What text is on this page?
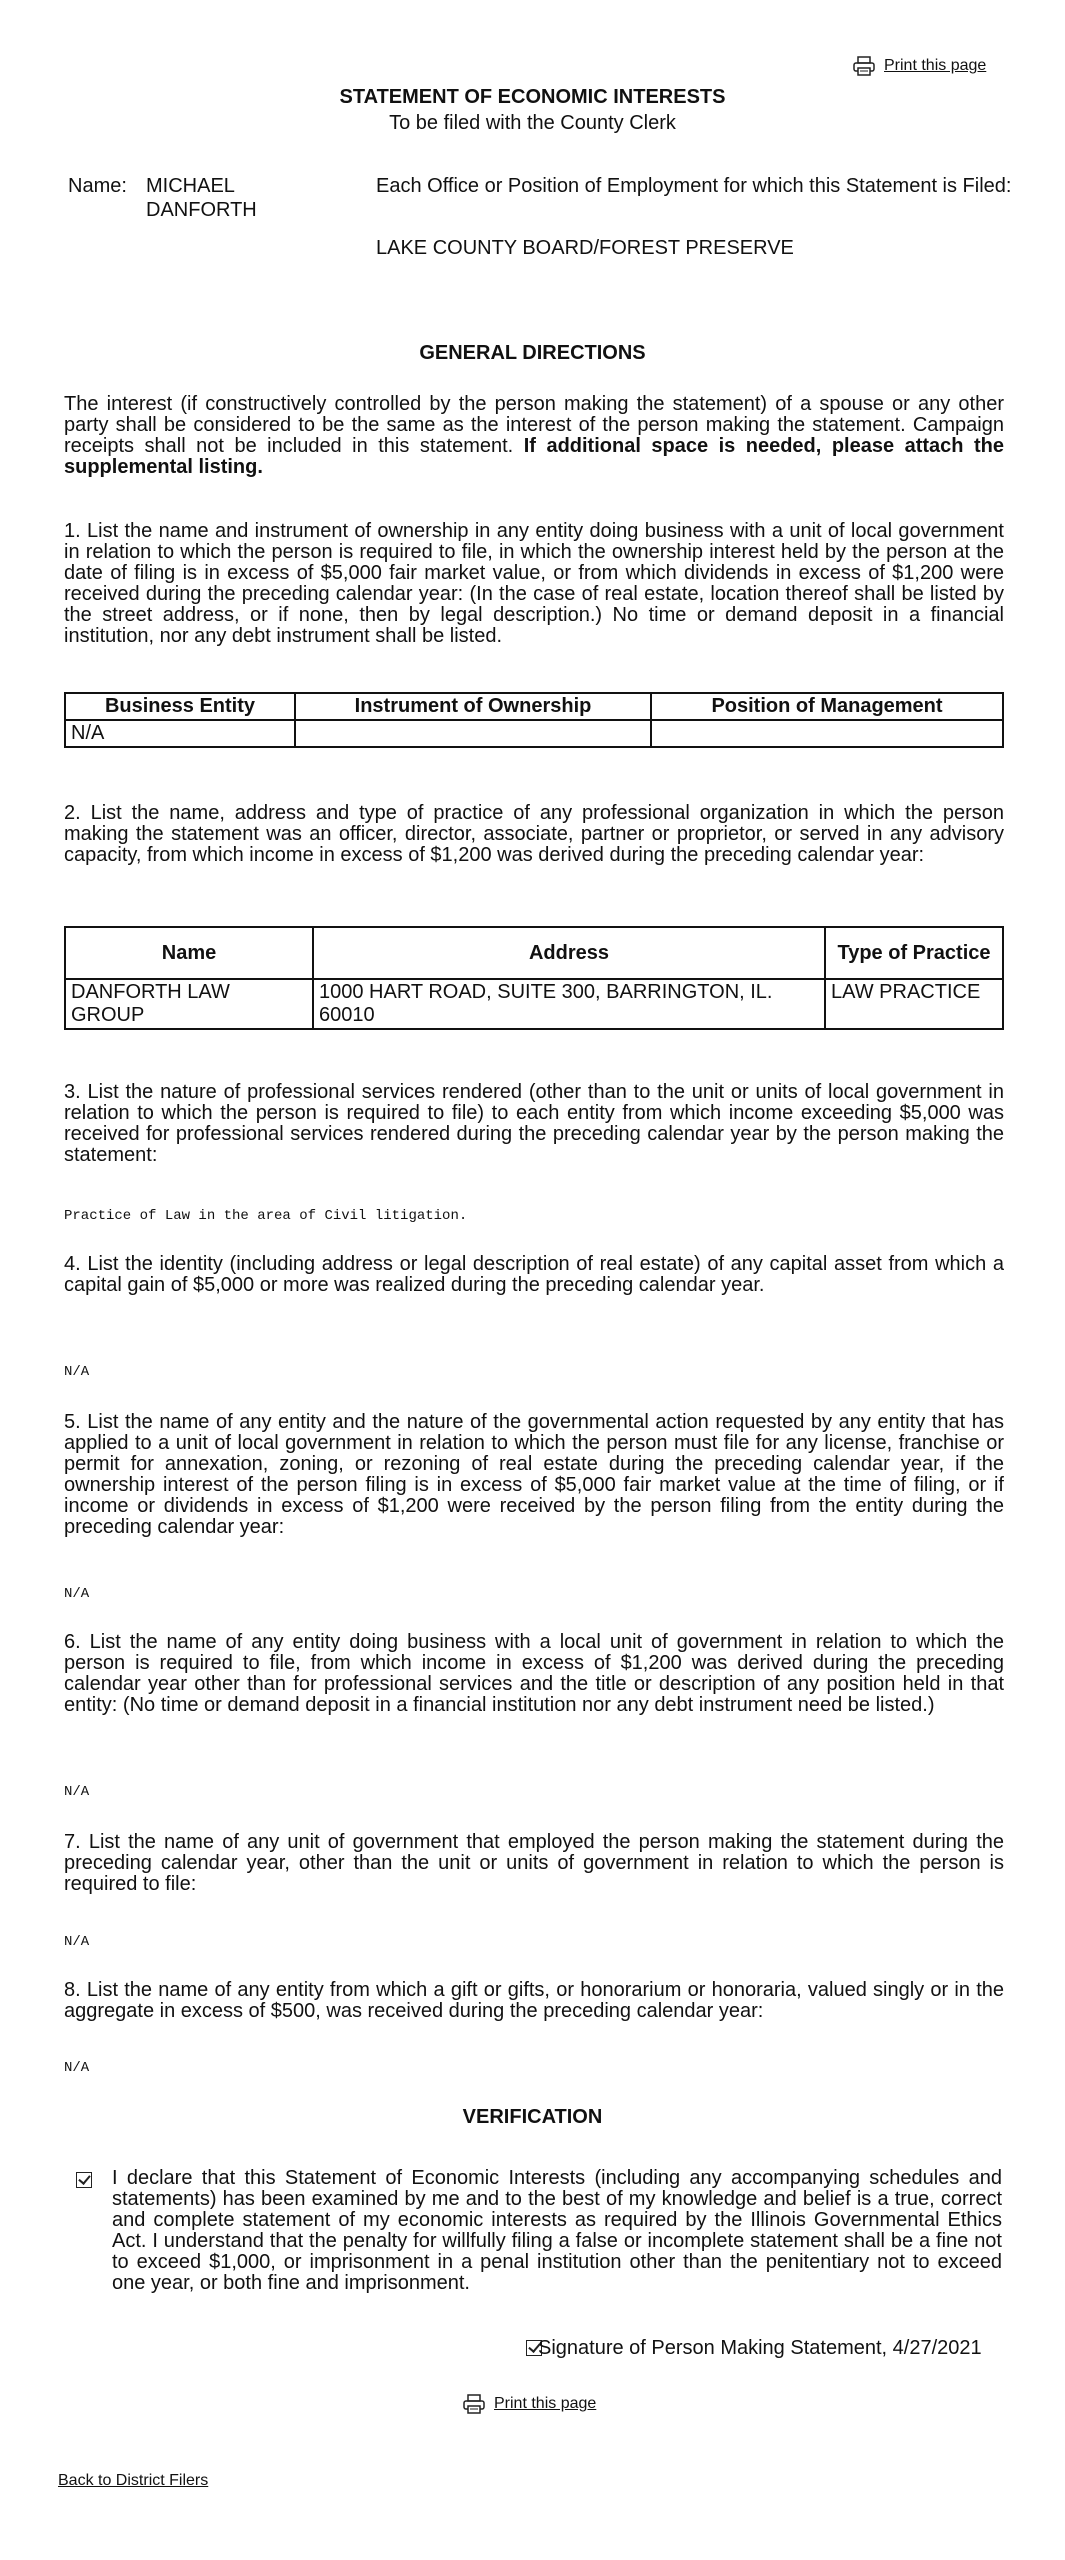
Print this page
STATEMENT OF ECONOMIC INTERESTS
To be filed with the County Clerk
Name: MICHAEL
DANFORTH
Each Office or Position of Employment for which this Statement is Filed:
LAKE COUNTY BOARD/FOREST PRESERVE
GENERAL DIRECTIONS
The interest (if constructively controlled by the person making the statement) of a spouse or any other party shall be considered to be the same as the interest of the person making the statement. Campaign receipts shall not be included in this statement. If additional space is needed, please attach the supplemental listing.
1. List the name and instrument of ownership in any entity doing business with a unit of local government in relation to which the person is required to file, in which the ownership interest held by the person at the date of filing is in excess of $5,000 fair market value, or from which dividends in excess of $1,200 were received during the preceding calendar year: (In the case of real estate, location thereof shall be listed by the street address, or if none, then by legal description.) No time or demand deposit in a financial institution, nor any debt instrument shall be listed.
Business Entity	Instrument of Ownership	Position of Management
N/A		
2. List the name, address and type of practice of any professional organization in which the person making the statement was an officer, director, associate, partner or proprietor, or served in any advisory capacity, from which income in excess of $1,200 was derived during the preceding calendar year:
Name	Address	Type of Practice
DANFORTH LAW GROUP	1000 HART ROAD, SUITE 300, BARRINGTON, IL. 60010	LAW PRACTICE
3. List the nature of professional services rendered (other than to the unit or units of local government in relation to which the person is required to file) to each entity from which income exceeding $5,000 was received for professional services rendered during the preceding calendar year by the person making the statement:
Practice of Law in the area of Civil litigation.
4. List the identity (including address or legal description of real estate) of any capital asset from which a capital gain of $5,000 or more was realized during the preceding calendar year.
N/A
5. List the name of any entity and the nature of the governmental action requested by any entity that has applied to a unit of local government in relation to which the person must file for any license, franchise or permit for annexation, zoning, or rezoning of real estate during the preceding calendar year, if the ownership interest of the person filing is in excess of $5,000 fair market value at the time of filing, or if income or dividends in excess of $1,200 were received by the person filing from the entity during the preceding calendar year:
N/A
6. List the name of any entity doing business with a local unit of government in relation to which the person is required to file, from which income in excess of $1,200 was derived during the preceding calendar year other than for professional services and the title or description of any position held in that entity: (No time or demand deposit in a financial institution nor any debt instrument need be listed.)
N/A
7. List the name of any unit of government that employed the person making the statement during the preceding calendar year, other than the unit or units of government in relation to which the person is required to file:
N/A
8. List the name of any entity from which a gift or gifts, or honorarium or honoraria, valued singly or in the aggregate in excess of $500, was received during the preceding calendar year:
N/A
VERIFICATION

I declare that this Statement of Economic Interests (including any accompanying schedules and statements) has been examined by me and to the best of my knowledge and belief is a true, correct and complete statement of my economic interests as required by the Illinois Governmental Ethics Act. I understand that the penalty for willfully filing a false or incomplete statement shall be a fine not to exceed $1,000, or imprisonment in a penal institution other than the penitentiary not to exceed one year, or both fine and imprisonment.
Signature of Person Making Statement, 4/27/2021
Print this page
Back to District Filers
